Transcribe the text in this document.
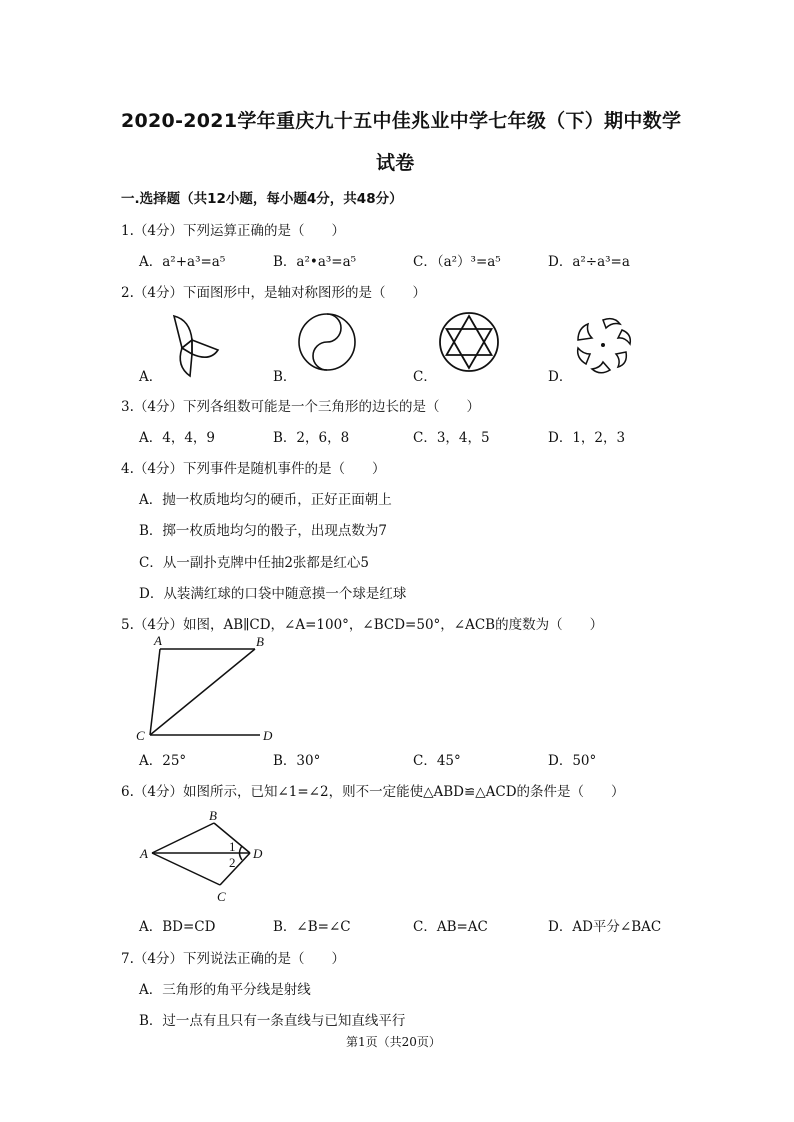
2020-2021学年重庆九十五中佳兆业中学七年级（下）期中数学
试卷
一.选择题（共12小题，每小题4分，共48分）
1.（4分）下列运算正确的是（　　）
A．a²+a³=a⁵	B．a²•a³=a⁵	C．（a²）³=a⁵	D．a²÷a³=a
2.（4分）下面图形中，是轴对称图形的是（　　）
A．	B．	C．	D．
3.（4分）下列各组数可能是一个三角形的边长的是（　　）
A．4，4，9	B．2，6，8	C．3，4，5	D．1，2，3
4.（4分）下列事件是随机事件的是（　　）
A．抛一枚质地均匀的硬币，正好正面朝上
B．掷一枚质地均匀的骰子，出现点数为7
C．从一副扑克牌中任抽2张都是红心5
D．从装满红球的口袋中随意摸一个球是红球
5.（4分）如图，AB∥CD，∠A=100°，∠BCD=50°，∠ACB的度数为（　　）
A	B
C	D
A．25°	B．30°	C．45°	D．50°
6.（4分）如图所示，已知∠1=∠2，则不一定能使△ABD≌△ACD的条件是（　　）
A
B
C
D
1
2
A．BD=CD	B．∠B=∠C	C．AB=AC	D．AD平分∠BAC
7.（4分）下列说法正确的是（　　）
A．三角形的角平分线是射线
B．过一点有且只有一条直线与已知直线平行
第1页（共20页）
